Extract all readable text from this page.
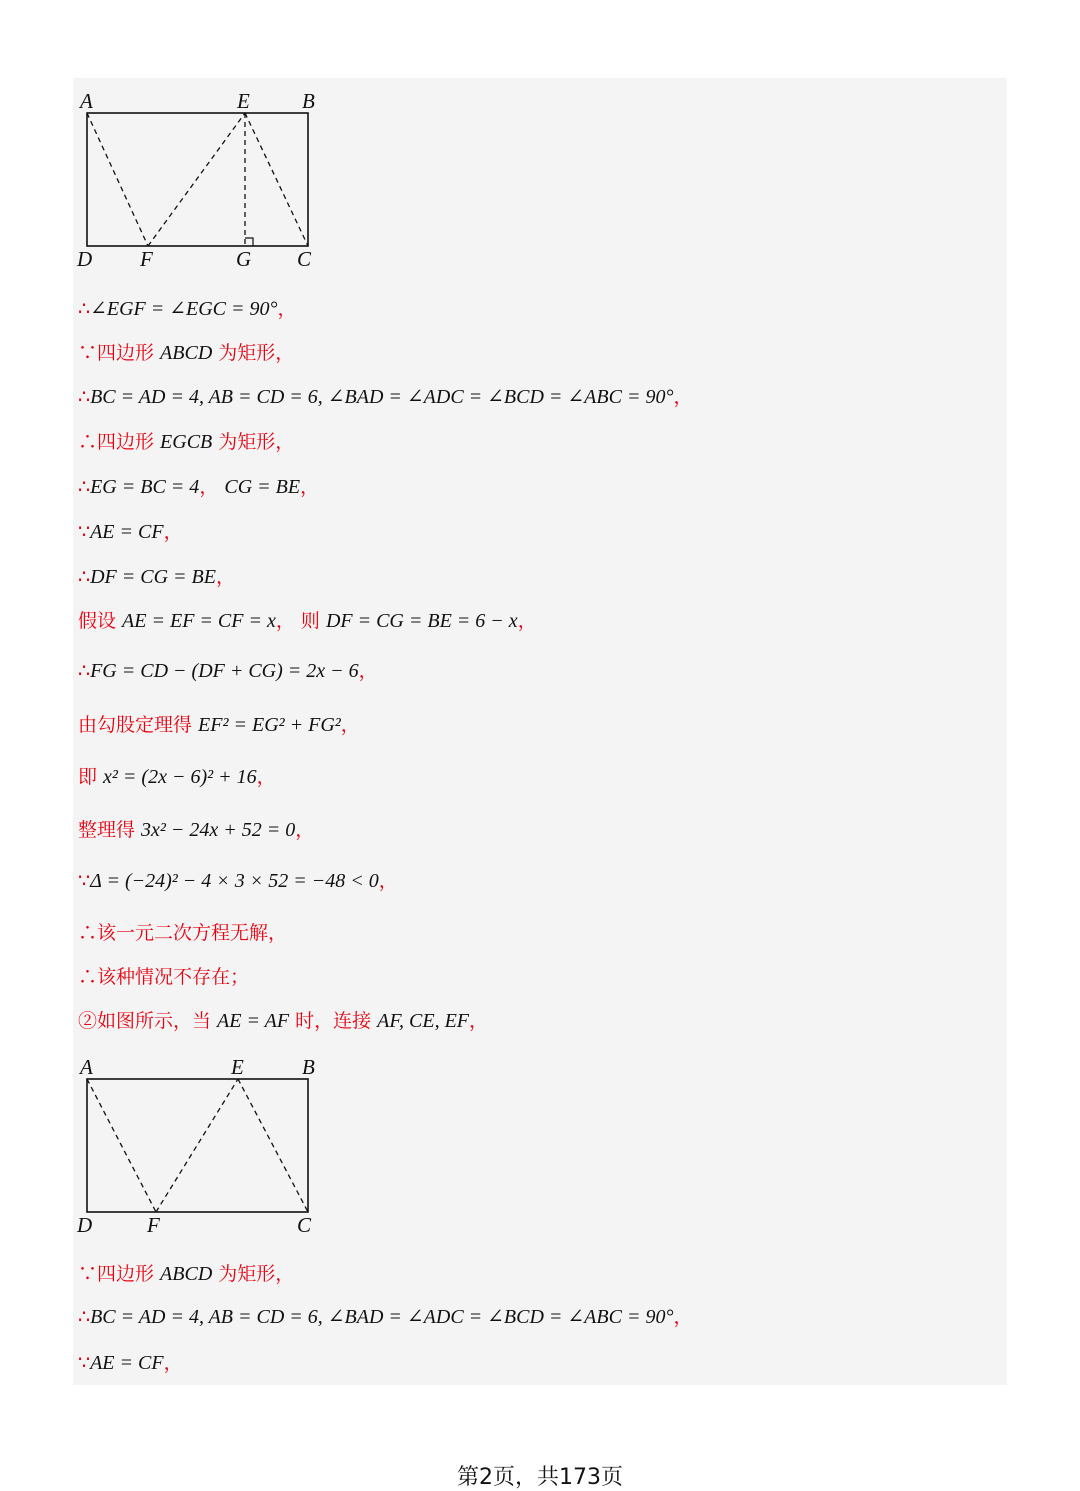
A	E B
D F	G C
A	E	B
D	F	C
∴∠EGF = ∠EGC = 90°，
∵四边形 ABCD 为矩形，
∴BC = AD = 4, AB = CD = 6, ∠BAD = ∠ADC = ∠BCD = ∠ABC = 90°，
∴四边形 EGCB 为矩形，
∴EG = BC = 4， CG = BE，
∵AE = CF，
∴DF = CG = BE，
假设 AE = EF = CF = x， 则 DF = CG = BE = 6 − x，
∴FG = CD − (DF + CG) = 2x − 6，
由勾股定理得 EF² = EG² + FG²，
即 x² = (2x − 6)² + 16，
整理得 3x² − 24x + 52 = 0，
∵Δ = (−24)² − 4 × 3 × 52 = −48 < 0，
∴该一元二次方程无解，
∴该种情况不存在；
②如图所示，当 AE = AF 时，连接 AF, CE, EF，
∵四边形 ABCD 为矩形，
∴BC = AD = 4, AB = CD = 6, ∠BAD = ∠ADC = ∠BCD = ∠ABC = 90°，
∵AE = CF，
第2页，共173页
